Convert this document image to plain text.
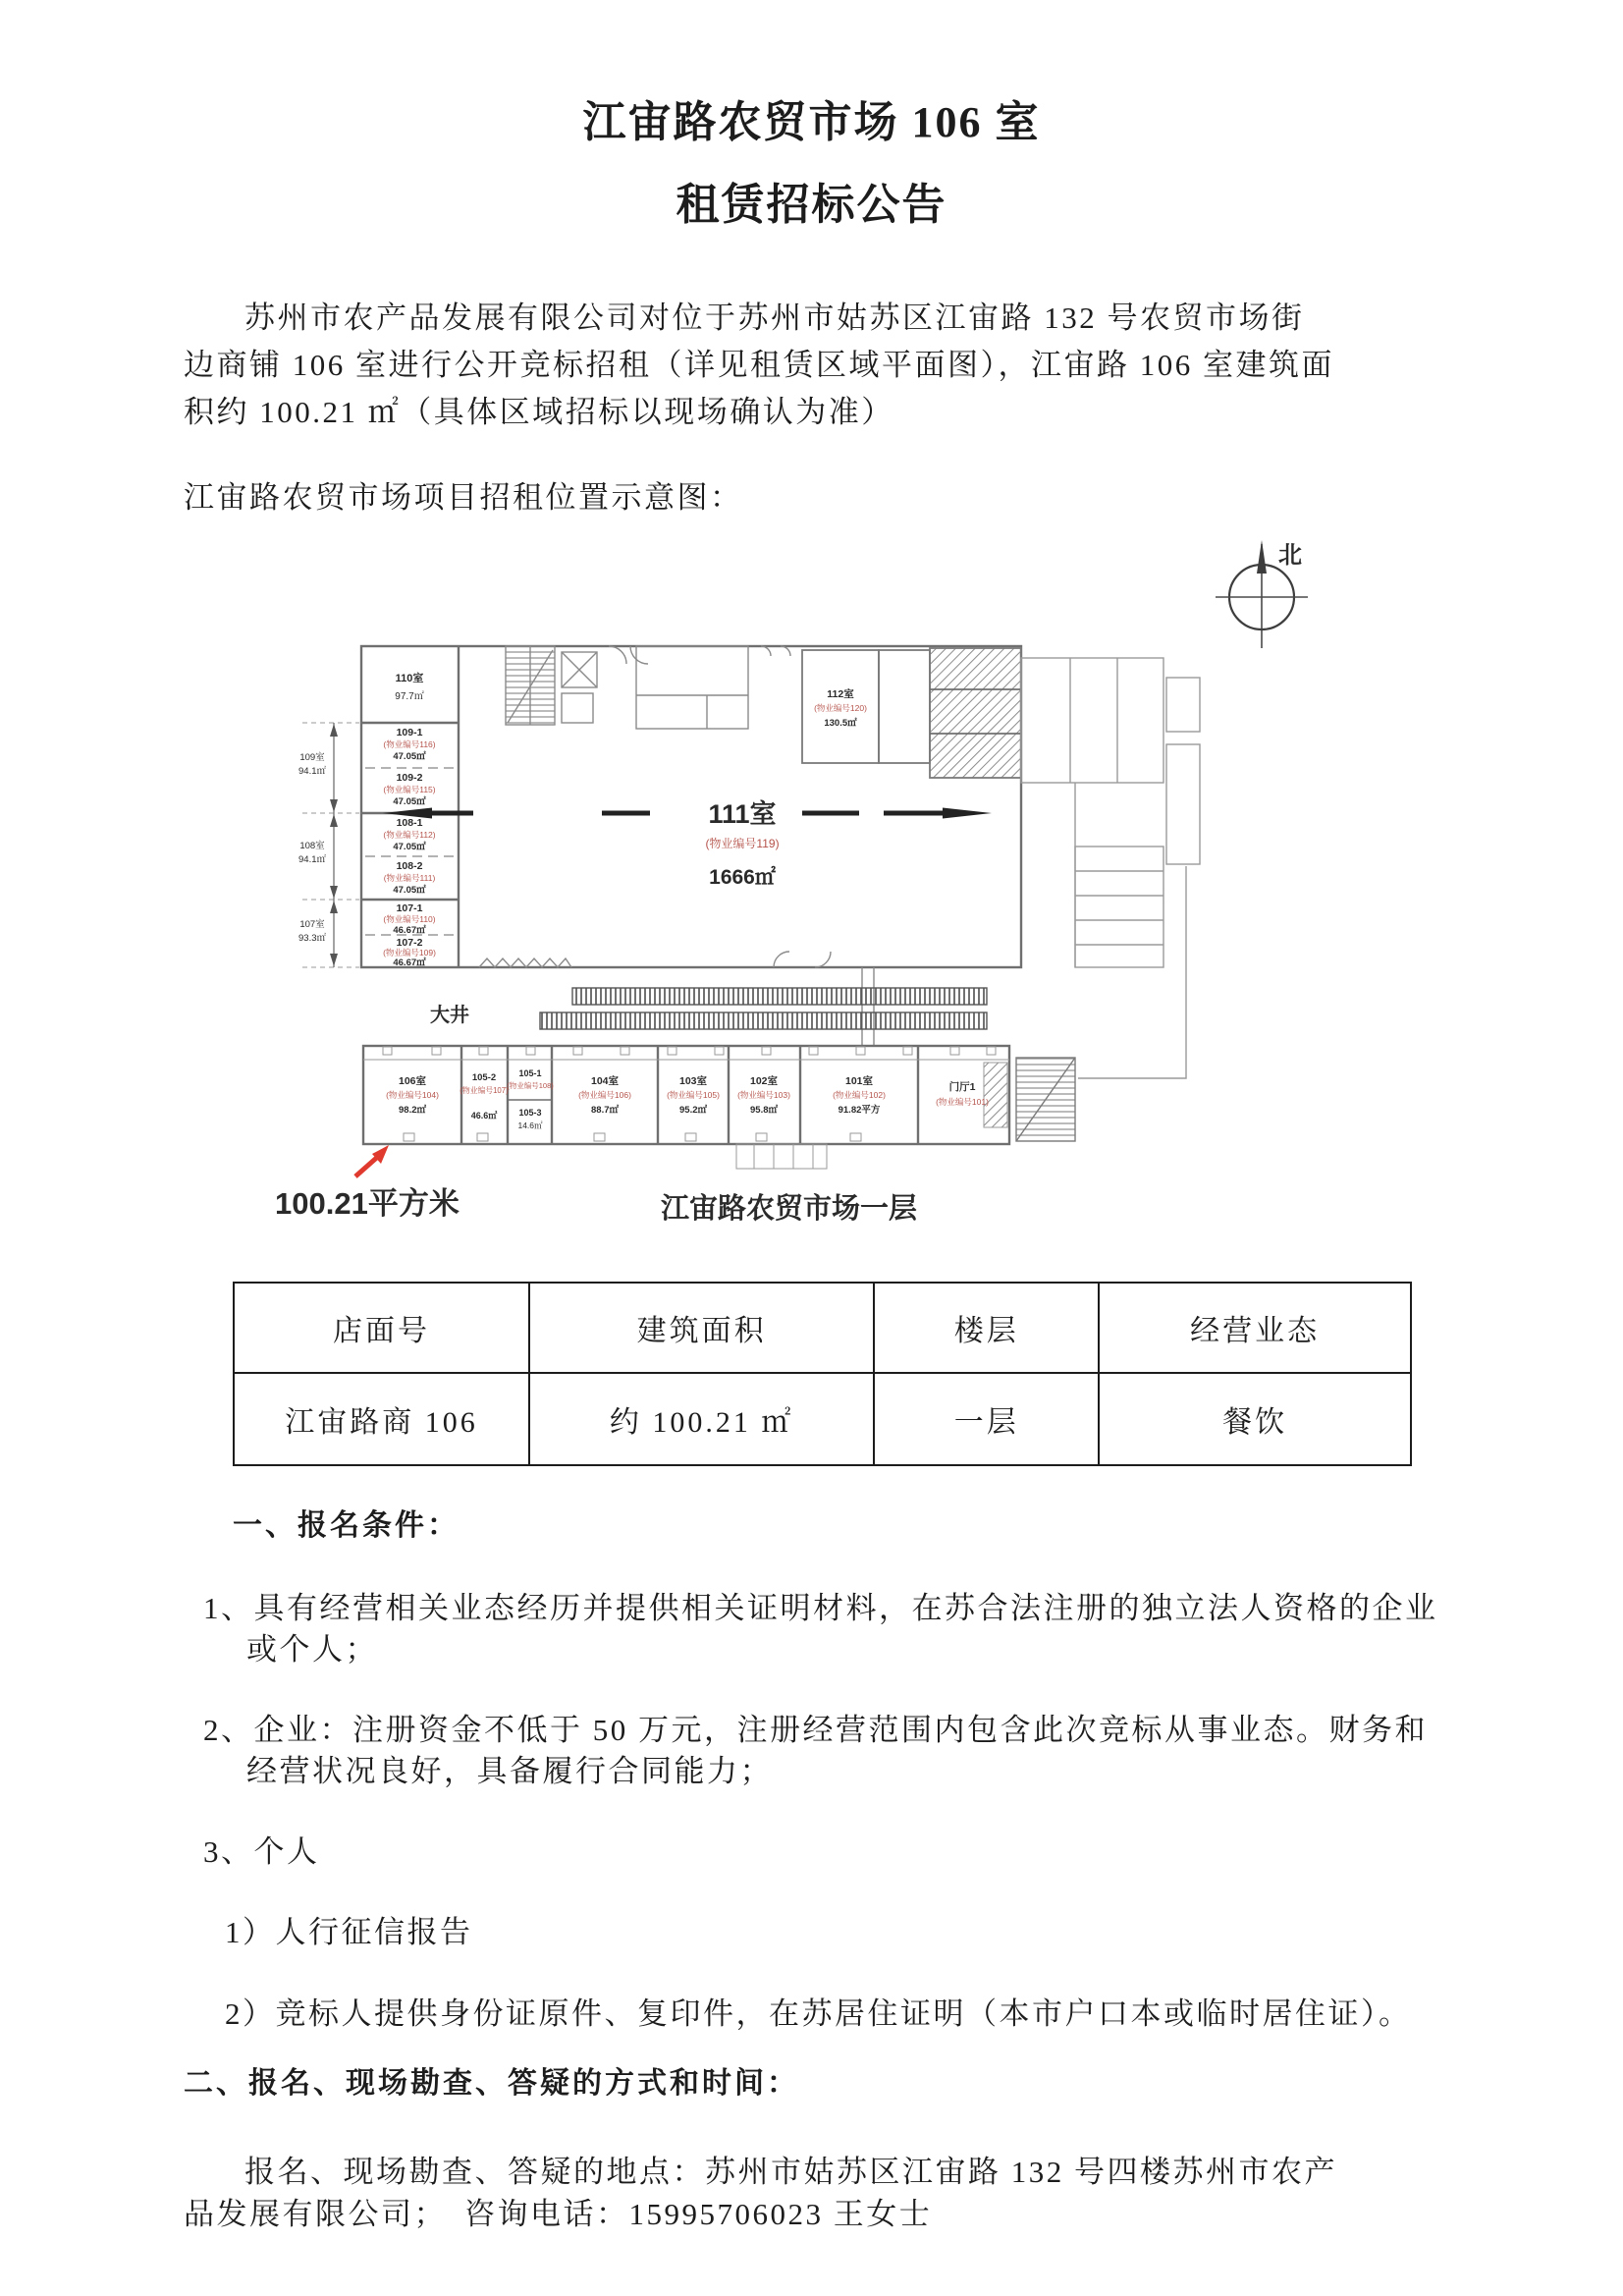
江宙路农贸市场 106 室
租赁招标公告
苏州市农产品发展有限公司对位于苏州市姑苏区江宙路 132 号农贸市场街
边商铺 106 室进行公开竞标招租（详见租赁区域平面图），江宙路 106 室建筑面
积约 100.21 ㎡（具体区域招标以现场确认为准）
江宙路农贸市场项目招租位置示意图：
北
110室
97.7㎡
109-1
(物业编号116)
47.05㎡
109-2
(物业编号115)
47.05㎡
108-1
(物业编号112)
47.05㎡
108-2
(物业编号111)
47.05㎡
107-1
(物业编号110)
46.67㎡
107-2
(物业编号109)
46.67㎡
112室
(物业编号120)
130.5㎡
109室
94.1㎡
108室
94.1㎡
107室
93.3㎡
111室
(物业编号119)
1666㎡
大井
106室
(物业编号104)
98.2㎡
105-2
(物业编号107)
46.6㎡
105-1
(物业编号108)
105-3
14.6㎡
104室
(物业编号106)
88.7㎡
103室
(物业编号105)
95.2㎡
102室
(物业编号103)
95.8㎡
101室
(物业编号102)
91.82平方
门厅1
(物业编号101)
100.21平方米	江宙路农贸市场一层
店面号	建筑面积	楼层	经营业态
江宙路商 106	约 100.21 ㎡	一层	餐饮
一、报名条件：
1、具有经营相关业态经历并提供相关证明材料，在苏合法注册的独立法人资格的企业
或个人；
2、企业：注册资金不低于 50 万元，注册经营范围内包含此次竞标从事业态。财务和
经营状况良好，具备履行合同能力；
3、个人
1）人行征信报告
2）竞标人提供身份证原件、复印件，在苏居住证明（本市户口本或临时居住证）。
二、报名、现场勘查、答疑的方式和时间：
报名、现场勘查、答疑的地点：苏州市姑苏区江宙路 132 号四楼苏州市农产
品发展有限公司；　咨询电话：15995706023 王女士
